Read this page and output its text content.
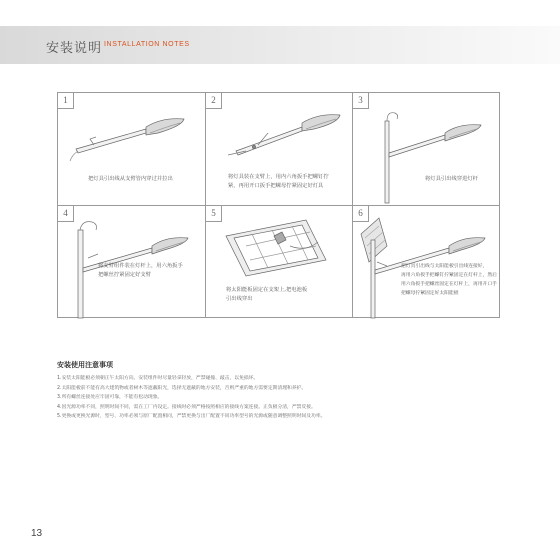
安装说明 INSTALLATION NOTES
1
把灯具引出线从支臂管内穿过并拉出
2
将灯具装在支臂上，用内六角扳手把螺钉拧
紧，再用开口扳手把螺母拧紧固定好灯具
3
将灯具引出线穿进灯杆
4
将支臂组件装在灯杆上，用六角扳手
把螺丝拧紧固定好支臂
5
将太阳能板固定在支架上,把电池板
引出线穿出
6
把灯具引出线与太阳能板引出线连接好，
再用六角扳手把螺钉拧紧固定在灯杆上，然后
用六角扳手把螺丝固定在灯杆上，再用开口手
把螺母拧紧固定好太阳能板
安装使用注意事项
1.安装太阳能板必须朝正午太阳方向。安装组件时尽量轻拿轻放，严禁碰撞、敲击，以免损坏。
2.太阳能板前不能有高大建筑物或者树木等遮蔽阳光，选择无遮蔽的地方安装，否则严重的地方需要定期清理和养护。
3.所有螺丝连接处应牢固可靠，不能有松动现象。
4.因光源功率不同，照明时间不同，需在工厂内设定。接线时必须严格按照相应的接线方案连接。正负极分清，严禁反接。
5.更换或更换光源时，型号、功率必须与原厂配置相同，严禁更换与出厂配置不同功率型号的光源或随意调整照明时间及功率。
13
